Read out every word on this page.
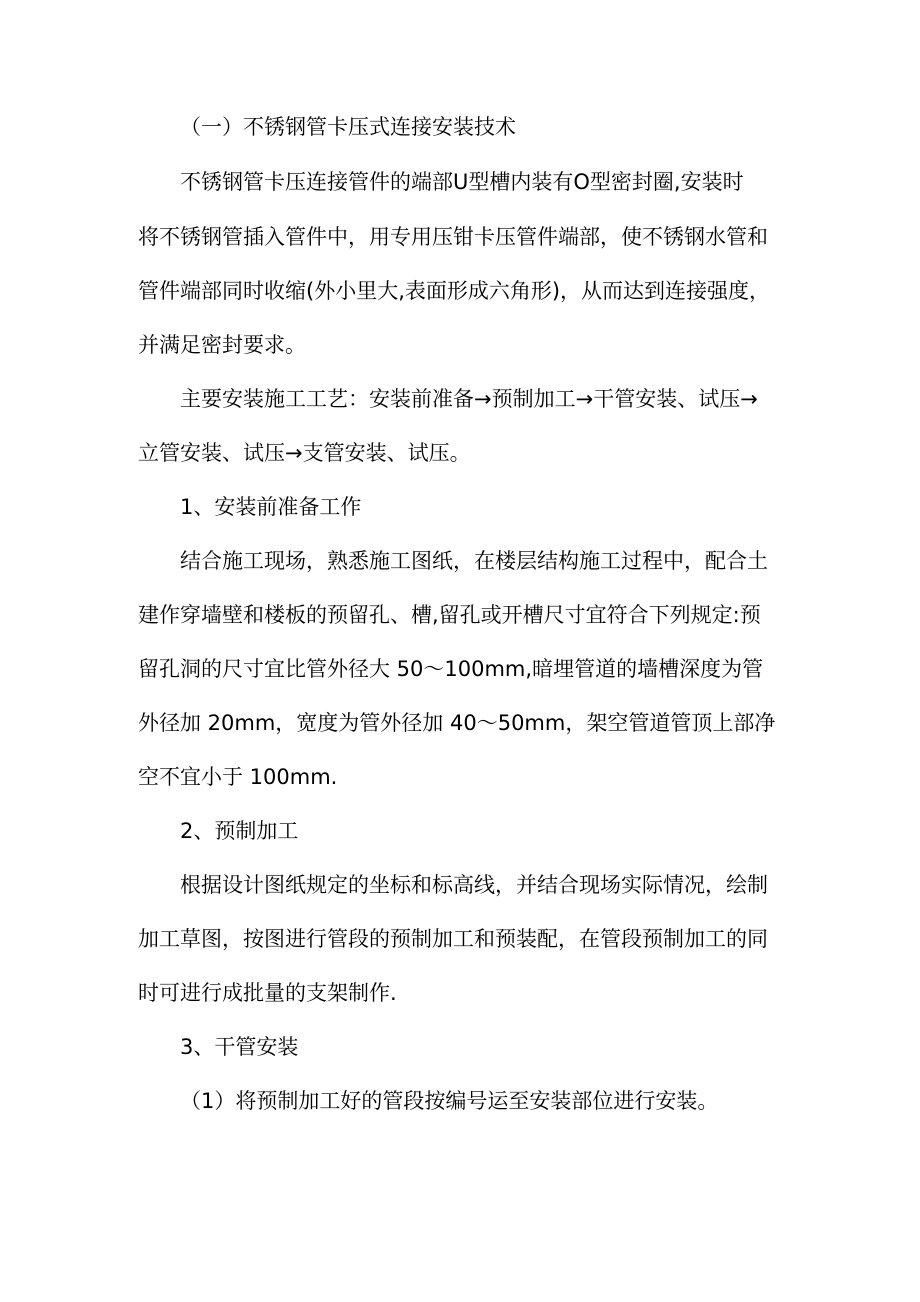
（一）不锈钢管卡压式连接安装技术
不锈钢管卡压连接管件的端部U型槽内装有O型密封圈,安装时
将不锈钢管插入管件中，用专用压钳卡压管件端部，使不锈钢水管和
管件端部同时收缩(外小里大,表面形成六角形)，从而达到连接强度，
并满足密封要求。
主要安装施工工艺：安装前准备→预制加工→干管安装、试压→
立管安装、试压→支管安装、试压。
1、安装前准备工作
结合施工现场，熟悉施工图纸，在楼层结构施工过程中，配合土
建作穿墙壁和楼板的预留孔、槽,留孔或开槽尺寸宜符合下列规定:预
留孔洞的尺寸宜比管外径大 50～100mm,暗埋管道的墙槽深度为管
外径加 20mm，宽度为管外径加 40～50mm，架空管道管顶上部净
空不宜小于 100mm.
2、预制加工
根据设计图纸规定的坐标和标高线，并结合现场实际情况，绘制
加工草图，按图进行管段的预制加工和预装配，在管段预制加工的同
时可进行成批量的支架制作.
3、干管安装
（1）将预制加工好的管段按编号运至安装部位进行安装。
